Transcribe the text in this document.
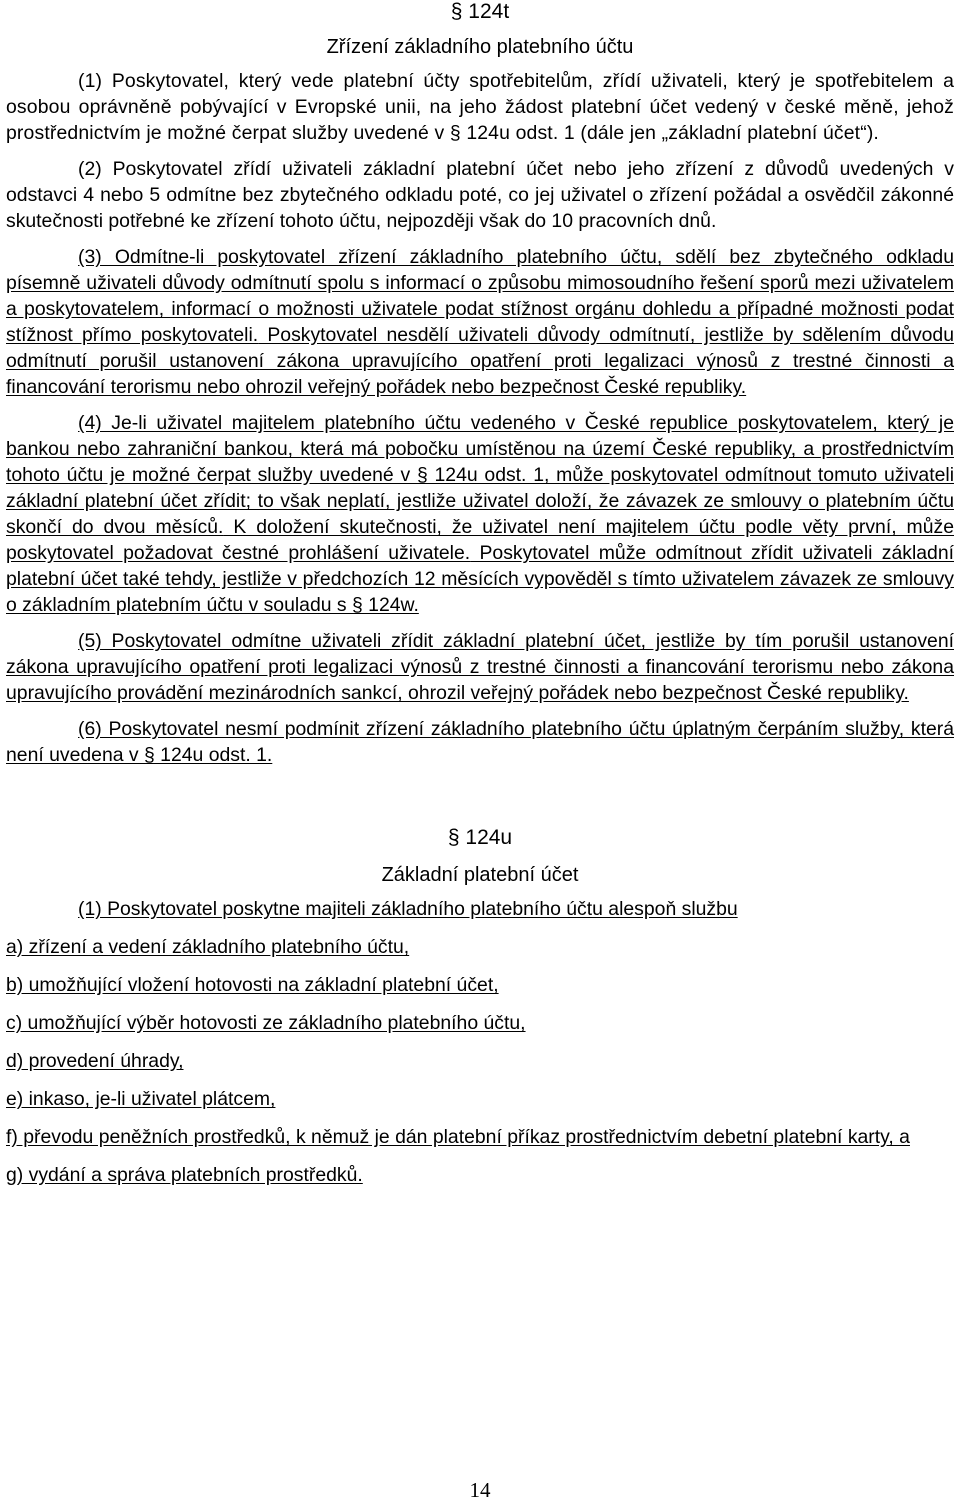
§ 124t
Zřízení základního platebního účtu

(1) Poskytovatel, který vede platební účty spotřebitelům, zřídí uživateli, který je spotřebitelem a osobou oprávněně pobývající v Evropské unii, na jeho žádost platební účet vedený v české měně, jehož prostřednictvím je možné čerpat služby uvedené v § 124u odst. 1 (dále jen „základní platební účet“).

(2) Poskytovatel zřídí uživateli základní platební účet nebo jeho zřízení z důvodů uvedených v odstavci 4 nebo 5 odmítne bez zbytečného odkladu poté, co jej uživatel o zřízení požádal a osvědčil zákonné skutečnosti potřebné ke zřízení tohoto účtu, nejpozději však do 10 pracovních dnů.

(3) Odmítne-li poskytovatel zřízení základního platebního účtu, sdělí bez zbytečného odkladu písemně uživateli důvody odmítnutí spolu s informací o způsobu mimosoudního řešení sporů mezi uživatelem a poskytovatelem, informací o možnosti uživatele podat stížnost orgánu dohledu a případné možnosti podat stížnost přímo poskytovateli. Poskytovatel nesdělí uživateli důvody odmítnutí, jestliže by sdělením důvodu odmítnutí porušil ustanovení zákona upravujícího opatření proti legalizaci výnosů z trestné činnosti a financování terorismu nebo ohrozil veřejný pořádek nebo bezpečnost České republiky.

(4) Je-li uživatel majitelem platebního účtu vedeného v České republice poskytovatelem, který je bankou nebo zahraniční bankou, která má pobočku umístěnou na území České republiky, a prostřednictvím tohoto účtu je možné čerpat služby uvedené v § 124u odst. 1, může poskytovatel odmítnout tomuto uživateli základní platební účet zřídit; to však neplatí, jestliže uživatel doloží, že závazek ze smlouvy o platebním účtu skončí do dvou měsíců. K doložení skutečnosti, že uživatel není majitelem účtu podle věty první, může poskytovatel požadovat čestné prohlášení uživatele. Poskytovatel může odmítnout zřídit uživateli základní platební účet také tehdy, jestliže v předchozích 12 měsících vypověděl s tímto uživatelem závazek ze smlouvy o základním platebním účtu v souladu s § 124w.

(5) Poskytovatel odmítne uživateli zřídit základní platební účet, jestliže by tím porušil ustanovení zákona upravujícího opatření proti legalizaci výnosů z trestné činnosti a financování terorismu nebo zákona upravujícího provádění mezinárodních sankcí, ohrozil veřejný pořádek nebo bezpečnost České republiky.

(6) Poskytovatel nesmí podmínit zřízení základního platebního účtu úplatným čerpáním služby, která není uvedena v § 124u odst. 1.

§ 124u
Základní platební účet

(1) Poskytovatel poskytne majiteli základního platebního účtu alespoň službu

a) zřízení a vedení základního platebního účtu,

b) umožňující vložení hotovosti na základní platební účet,

c) umožňující výběr hotovosti ze základního platebního účtu,

d) provedení úhrady,

e) inkaso, je-li uživatel plátcem,

f) převodu peněžních prostředků, k němuž je dán platební příkaz prostřednictvím debetní platební karty, a

g) vydání a správa platebních prostředků.

14
